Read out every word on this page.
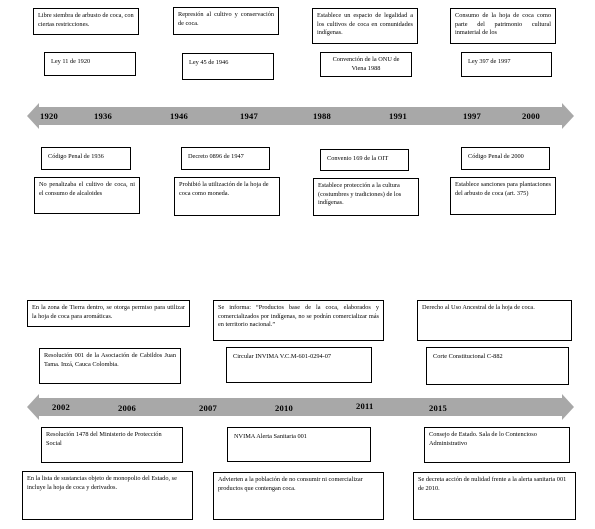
Libre siembra de arbusto de coca, con ciertas restricciones.
Represión al cultivo y conservación de coca.
Establece un espacio de legalidad a los cultivos de coca en comunidades indígenas.
Consumo de la hoja de coca como parte del patrimonio cultural inmaterial de los
Ley 11 de 1920	Ley 45 de 1946	Convención de la ONU de Viena 1988
Ley 397 de 1997
1920	1936	1946	1947	1988	1991	1997	2000
Código Penal de 1936	Decreto 0896 de 1947	Convenio 169 de la OIT	Código Penal de 2000
No penalizaba el cultivo de coca, ni el consumo de alcaloides
Prohibió la utilización de la hoja de coca como moneda.
Establece protección a la cultura (costumbres y tradiciones) de los indígenas.
Establece sanciones para plantaciones del arbusto de coca (art. 375)
En la zona de Tierra dentro, se otorga permiso para utilizar la hoja de coca para aromáticas.
Se informa: “Productos base de la coca, elaborados y comercializados por indígenas, no se podrán comercializar más en territorio nacional.”
Derecho al Uso Ancestral de la hoja de coca.
Resolución 001 de la Asociación de Cabildos Juan Tama. Inzá, Cauca Colombia.
Circular INVIMA V.C.M-601-0294-07	Corte Constitucional C-882
2002	2006	2007	2010	2011	2015
Resolución 1478 del Ministerio de Protección Social
NVIMA Alerta Sanitaria 001	Consejo de Estado. Sala de lo Contencioso Administrativo
En la lista de sustancias objeto de monopolio del Estado, se incluye la hoja de coca y derivados.
Advierten a la población de no consumir ni comercializar productos que contengan coca.
Se decreta acción de nulidad frente a la alerta sanitaria 001 de 2010.
